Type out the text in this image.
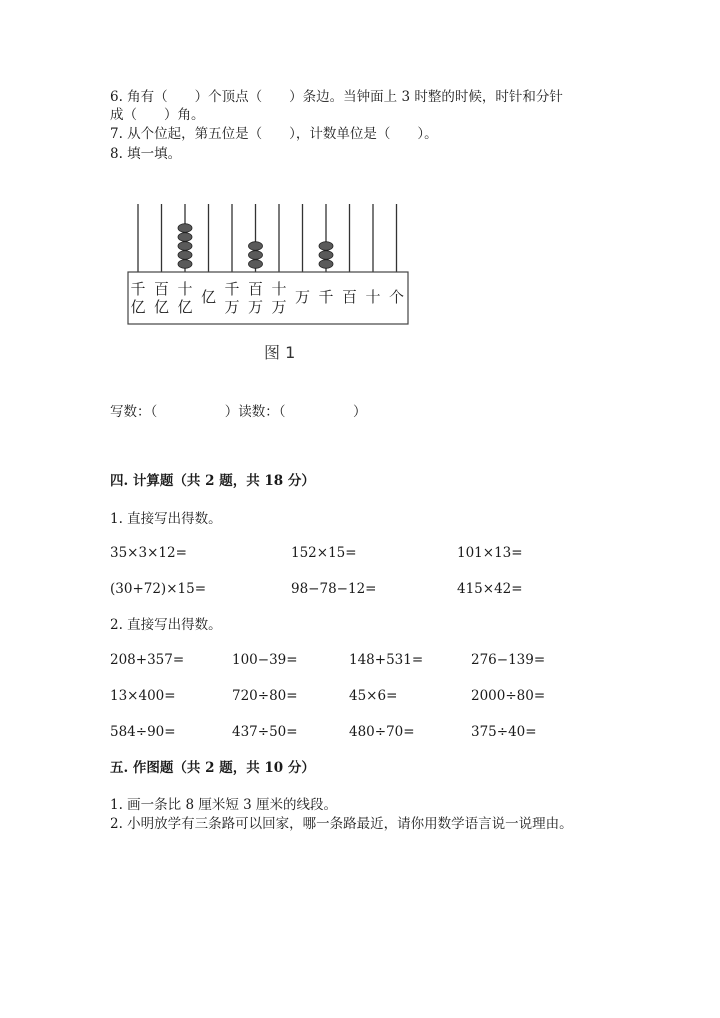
6. 角有（　　）个顶点（　　）条边。当钟面上 3 时整的时候，时针和分针
成（　　）角。
7. 从个位起，第五位是（　　），计数单位是（　　）。
8. 填一填。
千
亿
百
亿
十
亿
亿 千
万
百
万
十
万
万 千 百 十 个
图 1
写数：（　　　　　）读数：（　　　　　）
四. 计算题（共 2 题，共 18 分）
1. 直接写出得数。
35×3×12=	152×15=	101×13=
(30+72)×15=	98−78−12=	415×42=
2. 直接写出得数。
208+357=	100−39=	148+531=	276−139=
13×400=	720÷80=	45×6=	2000÷80=
584÷90=	437÷50=	480÷70=	375÷40=
五. 作图题（共 2 题，共 10 分）
1. 画一条比 8 厘米短 3 厘米的线段。
2. 小明放学有三条路可以回家，哪一条路最近，请你用数学语言说一说理由。
